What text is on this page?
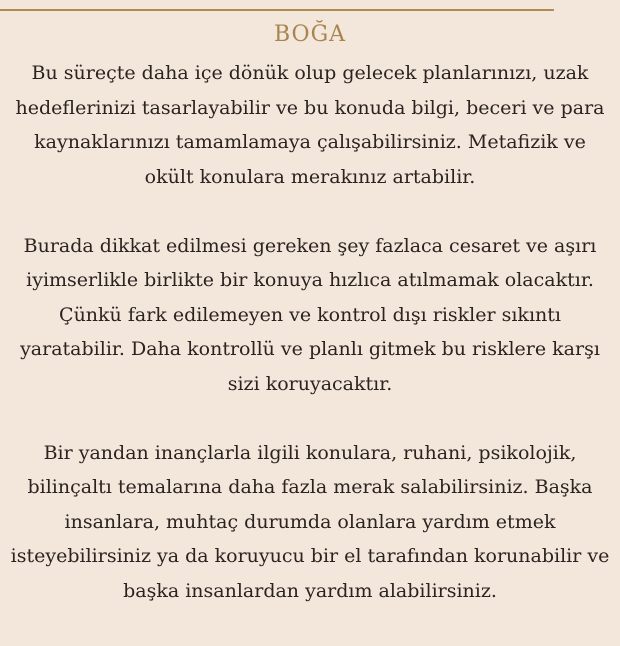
BOĞA

Bu süreçte daha içe dönük olup gelecek planlarınızı, uzak hedeflerinizi tasarlayabilir ve bu konuda bilgi, beceri ve para kaynaklarınızı tamamlamaya çalışabilirsiniz. Metafizik ve okült konulara merakınız artabilir.

Burada dikkat edilmesi gereken şey fazlaca cesaret ve aşırı iyimserlikle birlikte bir konuya hızlıca atılmamak olacaktır. Çünkü fark edilemeyen ve kontrol dışı riskler sıkıntı yaratabilir. Daha kontrollü ve planlı gitmek bu risklere karşı sizi koruyacaktır.

Bir yandan inançlarla ilgili konulara, ruhani, psikolojik, bilinçaltı temalarına daha fazla merak salabilirsiniz. Başka insanlara, muhtaç durumda olanlara yardım etmek isteyebilirsiniz ya da koruyucu bir el tarafından korunabilir ve başka insanlardan yardım alabilirsiniz.
